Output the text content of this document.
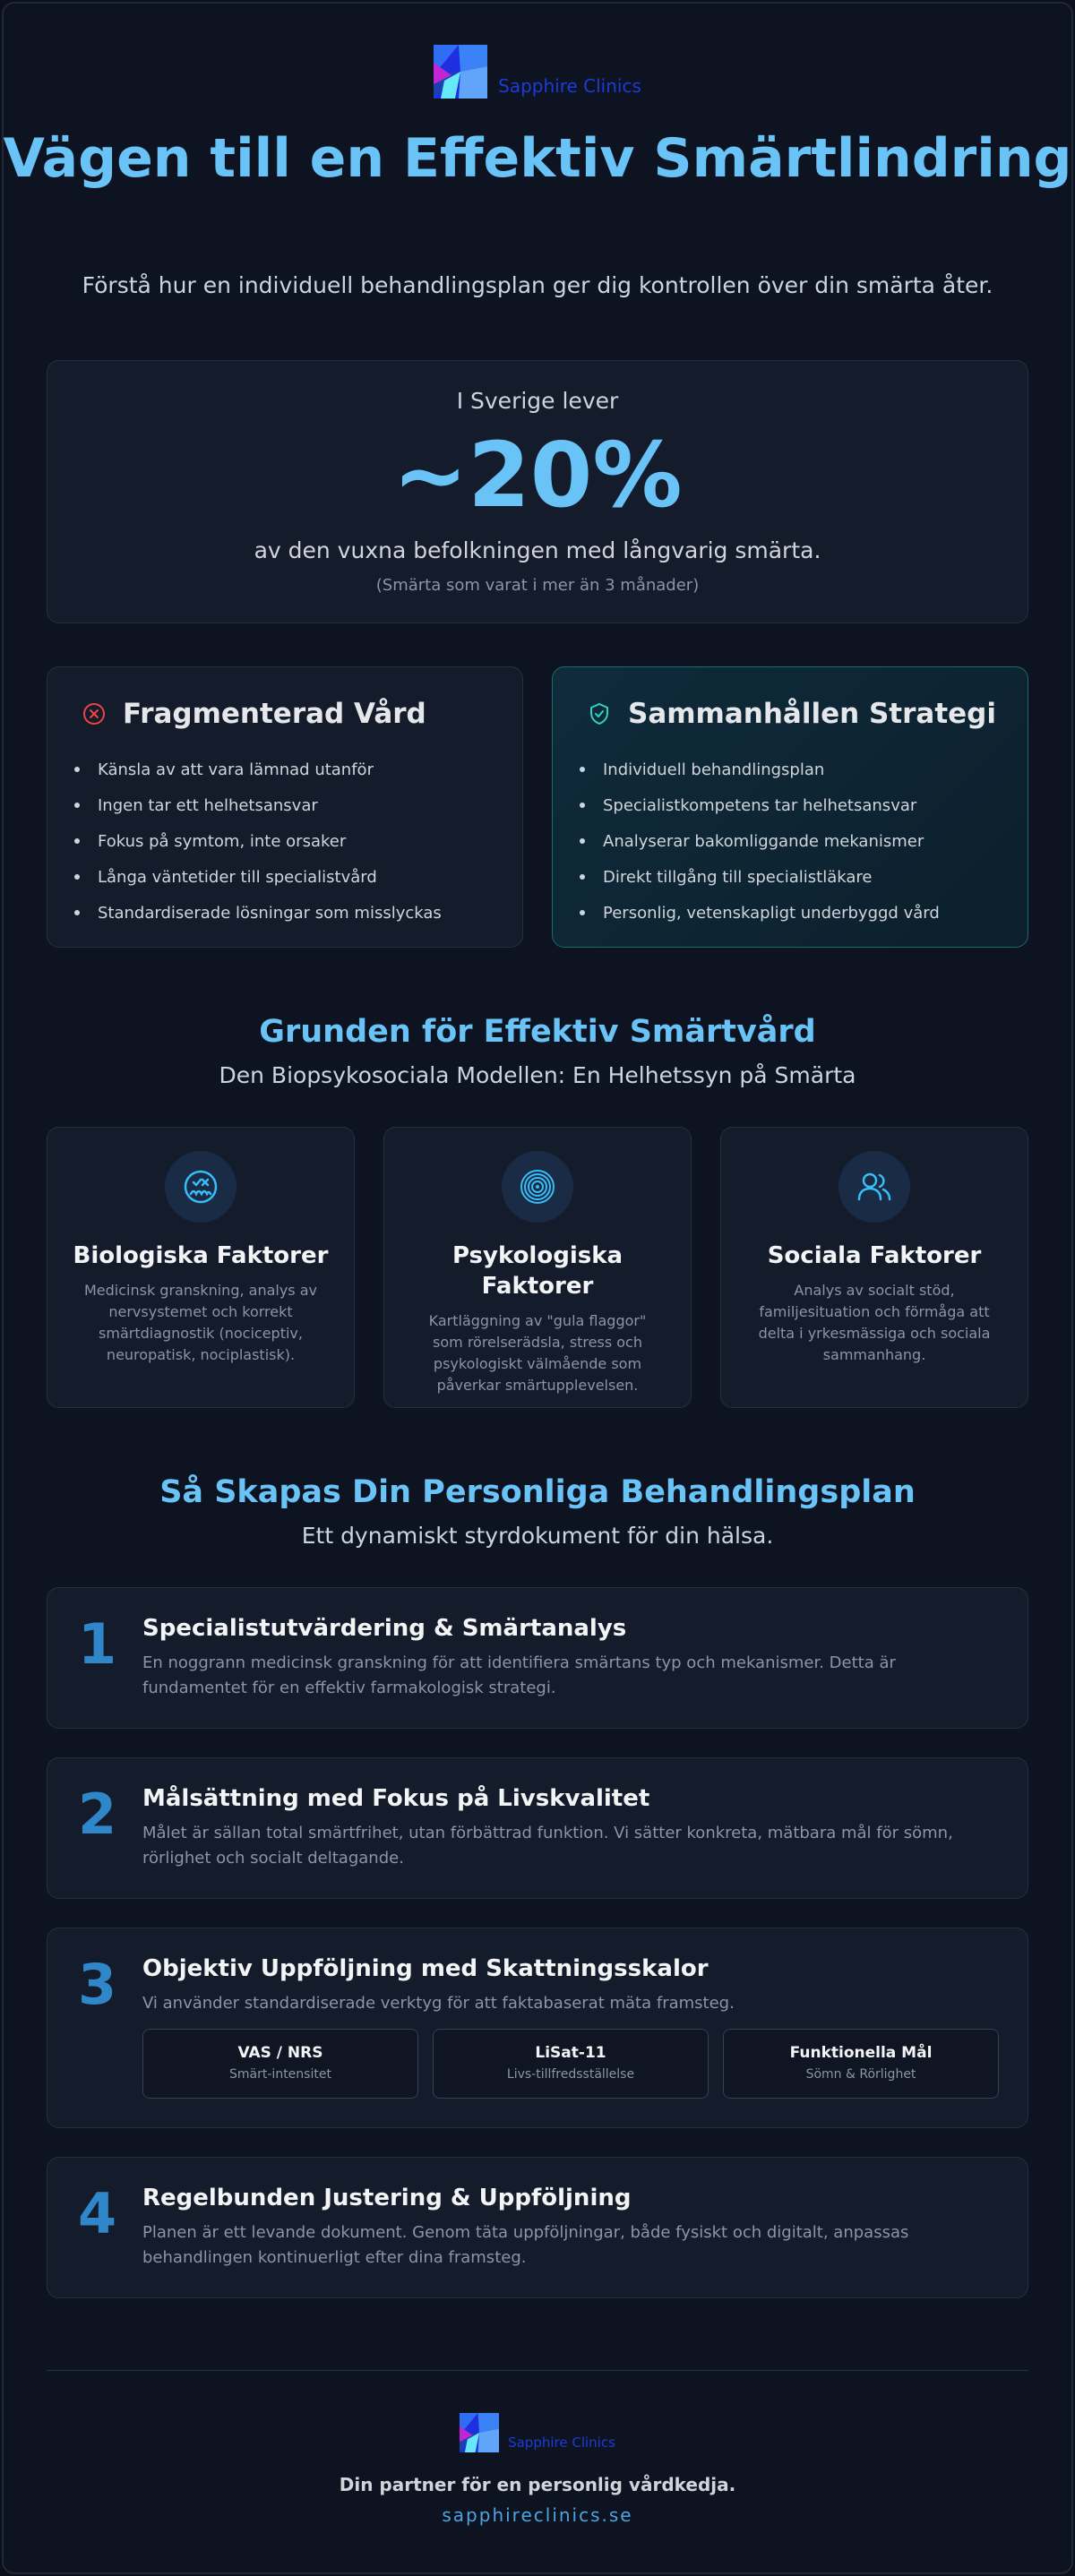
Sapphire Clinics
Vägen till en Effektiv Smärtlindring

Förstå hur en individuell behandlingsplan ger dig kontrollen över din smärta åter.

I Sverige lever
~20%
av den vuxna befolkningen med långvarig smärta.
(Smärta som varat i mer än 3 månader)
Fragmenterad Vård
Känsla av att vara lämnad utanför
Ingen tar ett helhetsansvar
Fokus på symtom, inte orsaker
Långa väntetider till specialistvård
Standardiserade lösningar som misslyckas
Sammanhållen Strategi
Individuell behandlingsplan
Specialistkompetens tar helhetsansvar
Analyserar bakomliggande mekanismer
Direkt tillgång till specialistläkare
Personlig, vetenskapligt underbyggd vård
Grunden för Effektiv Smärtvård

Den Biopsykosociala Modellen: En Helhetssyn på Smärta

Biologiska Faktorer
Medicinsk granskning, analys av nervsystemet och korrekt smärtdiagnostik (nociceptiv, neuropatisk, nociplastisk).
Psykologiska Faktorer
Kartläggning av "gula flaggor" som rörelserädsla, stress och psykologiskt välmående som påverkar smärtupplevelsen.
Sociala Faktorer
Analys av socialt stöd, familjesituation och förmåga att delta i yrkesmässiga och sociala sammanhang.
Så Skapas Din Personliga Behandlingsplan

Ett dynamiskt styrdokument för din hälsa.

1 Specialistutvärdering & Smärtanalys
En noggrann medicinsk granskning för att identifiera smärtans typ och mekanismer. Detta är fundamentet för en effektiv farmakologisk strategi.
2 Målsättning med Fokus på Livskvalitet
Målet är sällan total smärtfrihet, utan förbättrad funktion. Vi sätter konkreta, mätbara mål för sömn, rörlighet och socialt deltagande.
3 Objektiv Uppföljning med Skattningsskalor
Vi använder standardiserade verktyg för att faktabaserat mäta framsteg.
VAS / NRS
Smärt-intensitet
LiSat-11
Livs-tillfredsställelse
Funktionella Mål
Sömn & Rörlighet
4 Regelbunden Justering & Uppföljning
Planen är ett levande dokument. Genom täta uppföljningar, både fysiskt och digitalt, anpassas behandlingen kontinuerligt efter dina framsteg.
Sapphire Clinics

Din partner för en personlig vårdkedja.

sapphireclinics.se
